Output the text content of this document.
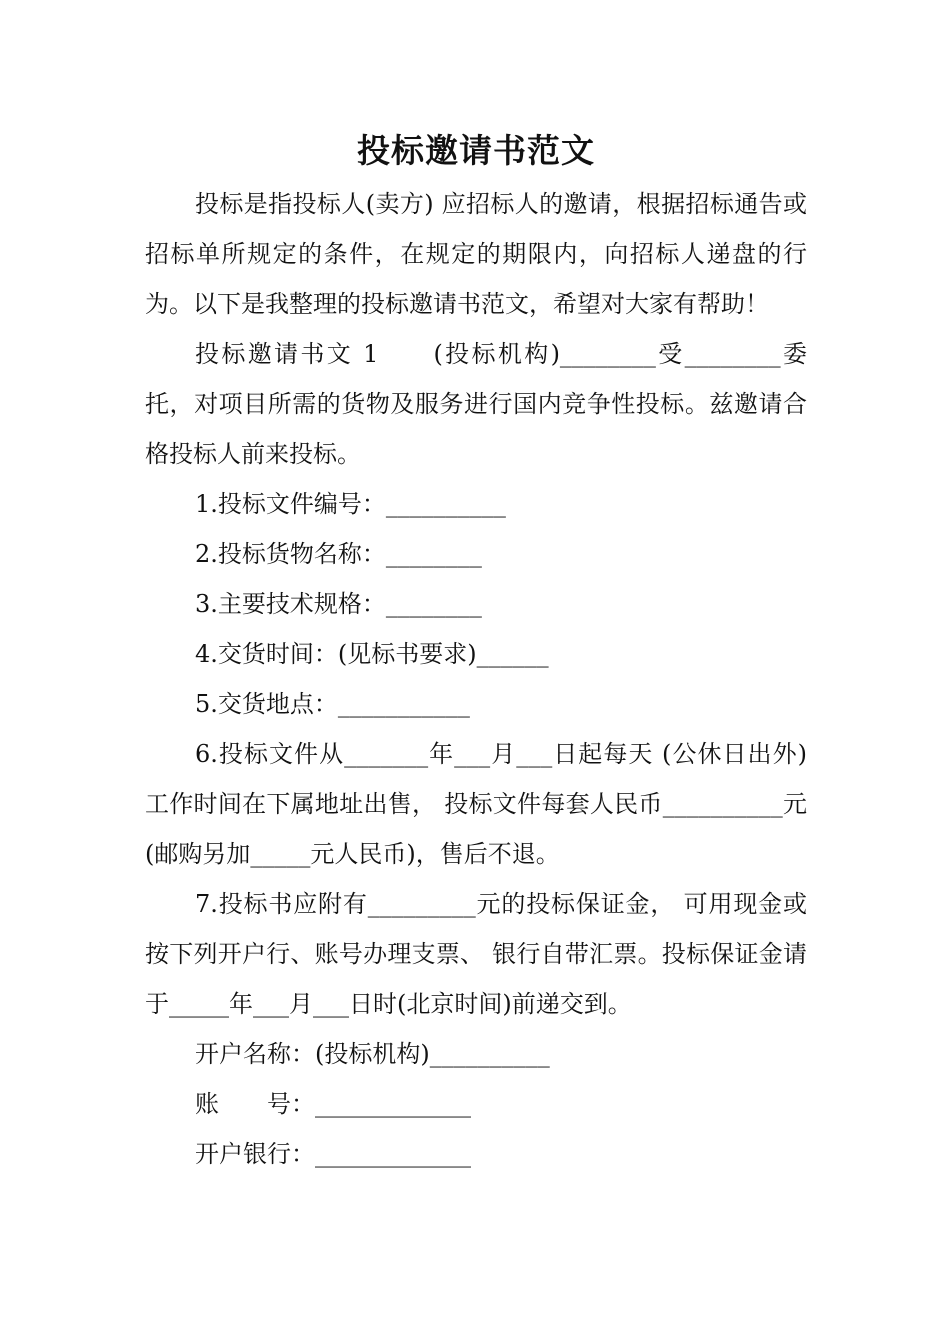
投标邀请书范文

投标是指投标人(卖方) 应招标人的邀请，根据招标通告或招标单所规定的条件，在规定的期限内，向招标人递盘的行为。以下是我整理的投标邀请书范文，希望对大家有帮助！

投标邀请书文 1　　(投标机构)________受________委托，对项目所需的货物及服务进行国内竞争性投标。兹邀请合格投标人前来投标。

1.投标文件编号：__________

2.投标货物名称：________

3.主要技术规格：________

4.交货时间：(见标书要求)______

5.交货地点：___________

6.投标文件从_______年___月___日起每天 (公休日出外)工作时间在下属地址出售， 投标文件每套人民币__________元(邮购另加_____元人民币)，售后不退。

7.投标书应附有_________元的投标保证金， 可用现金或按下列开户行、账号办理支票、 银行自带汇票。投标保证金请于_____年___月___日时(北京时间)前递交到。

开户名称：(投标机构)__________

账　　号：_____________

开户银行：_____________
